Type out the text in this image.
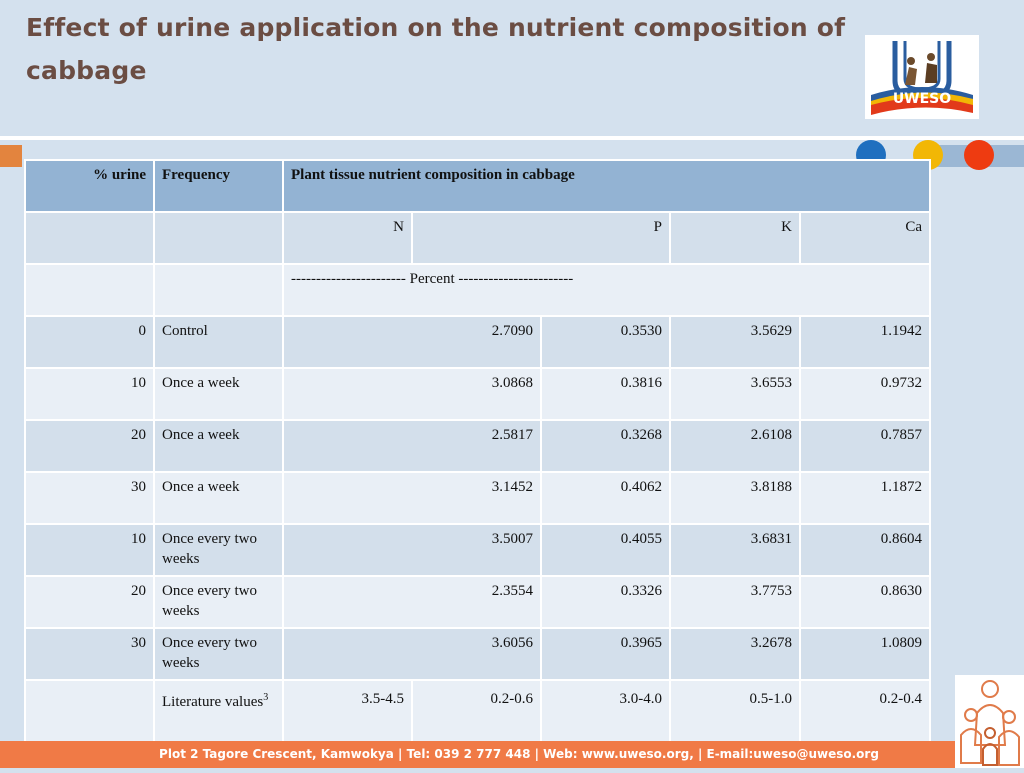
Effect of urine application on the nutrient composition of cabbage
UWESO
% urine	Frequency	Plant tissue nutrient composition in cabbage				
		N	P		K	Ca
		----------------------- Percent -----------------------				
0	Control	2.7090		0.3530	3.5629	1.1942
10	Once a week	3.0868		0.3816	3.6553	0.9732
20	Once a week	2.5817		0.3268	2.6108	0.7857
30	Once a week	3.1452		0.4062	3.8188	1.1872
10	Once every two weeks	3.5007		0.4055	3.6831	0.8604
20	Once every two weeks	2.3554		0.3326	3.7753	0.8630
30	Once every two weeks	3.6056		0.3965	3.2678	1.0809
	Literature values$^3$	3.5-4.5	0.2-0.6	3.0-4.0	0.5-1.0	0.2-0.4
Plot 2 Tagore Crescent, Kamwokya | Tel: 039 2 777 448 | Web: www.uweso.org, | E-mail:uweso@uweso.org
